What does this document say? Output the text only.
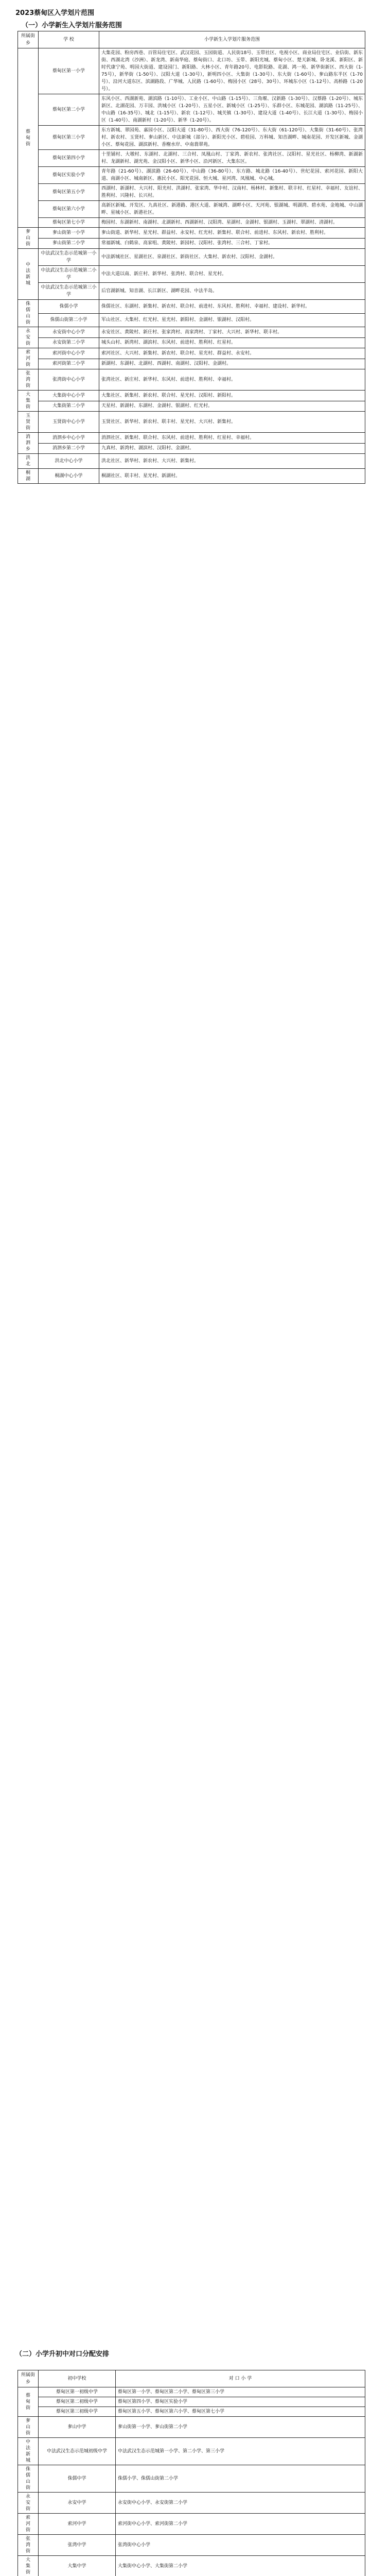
2023蔡甸区入学划片范围
（一）小学新生入学划片服务范围
所属街乡	学 校	小学新生入学划片服务范围

蔡甸街	蔡甸区第一小学	大集花园、粉房西巷、百管局住宅区、武汉花园、玉园街道、人民街18号、玉带社区、电视小区、商业局住宅区、业信街、新东街、西湖北湾（沙洲）、新龙湾、新南华庭、蔡甸街口、北口坊、玉带、新阳光城、蔡甸小区、楚天新城、卧龙溪、新阳区、新时代康宁苑、明园大街道、建设园门、新阳路、大林小区、青年路20号、电影院路、花湖、鸿一苑、新华街新区、西大街（1-75号），新华街（1-50号）、汉阳大道（1-30号），新明四小区、大集街（1-30号）、东大街（1-60号）、奓山路东半区（1-70号）、沿河大道东区、滨湖路段、广华城、人民路（1-60号）、梅园小区（28号、30号）、环城东小区（1-12号）、高桥路（1-20号）。
	蔡甸区第二小学	东风小区、西湖新苑、湖滨路（1-10号）、工业小区、中山路（1-15号）、三角堰、汉新路（1-30号）、汉蔡路（1-20号）、城东新区、北湖花园、万丰园、洪城小区（1-20号）、五星小区、新城小区（1-25号）、乐群小区、东城花园、湖滨路（11-25号）、中山路（16-35号）、城北（1-15号）、新农（1-12号）、城关镇（1-30号）、建设大道（1-40号）、长江大道（1-30号）、梅园小区（1-40号）、南湖新村（1-20号）、新华（1-20号）。
	蔡甸区第三小学	东方新城、翠园苑、嘉园小区、汉阳大道（31-80号）、西大街（76-120号）、东大街（61-120号）、大集街（31-60号）、张湾村、新农村、玉贤村、奓山新区、中法新城（部分）、新阳光小区、碧桂园、万科城、知音湖畔、城南花园、开发区新城、金湖小区、蔡甸花园、湖滨新村、香榭水岸、中南翡翠苑。
	蔡甸区第四小学	十里铺村、大墩村、东湖村、北湖村、三合村、凤凰山村、丁家湾、新农村、张湾社区、汉阳村、星光社区、杨柳湾、新湖新村、龙湖新村、湖光苑、金汉阳小区、新华小区、沿河新区、大集东区。
	蔡甸区实验小学	青年路（21-60号）、湖滨路（26-60号）、中山路（36-80号）、东方路、城北路（16-40号）、世纪花园、索河花园、新阳大道、南湖小区、城南新区、惠民小区、阳光花园、恒大城、星河湾、凤凰城、中心城。
	蔡甸区第五小学	西湖村、新湖村、大兴村、阳光村、洪湖村、张家湾、华中村、汉南村、杨林村、新集村、联丰村、红星村、幸福村、友谊村、胜利村、兴隆村、长兴村。
	蔡甸区第六小学	高新区新城、开发区、九真社区、新港路、港区大道、新城湾、湖畔小区、天河苑、银湖城、明湖湾、碧水苑、金地城、中山湖畔、星城小区、新港社区。
	蔡甸区第七小学	梅园村、东湖新村、南湖村、北湖新村、西湖新村、汉阳湾、星湖村、金湖村、银湖村、玉湖村、翠湖村、清湖村。

奓山街	奓山街第一小学	奓山街道、新华村、星光村、群益村、永安村、红光村、新集村、联合村、前进村、东风村、新农村、胜利村。
	奓山街第二小学	常福新城、白鹤泉、高家咀、黄陵村、新园村、汉阳村、张湾村、三合村、丁家村。

中法新城	中法武汉生态示范城第一小学	中法新城社区、星湖社区、泉湖社区、新街社区、大集村、新农村、汉阳村、金湖村。
	中法武汉生态示范城第二小学	中法大道以南、新庄村、新华村、张湾村、联合村、星光村。
	中法武汉生态示范城第三小学	后官湖新城、知音湖、长江新区、湖畔花园、中法半岛。

侏儒山街	侏儒小学	侏儒社区、东湖村、新集村、新农村、联合村、前进村、东风村、胜利村、幸福村、建设村、新华村。
	侏儒山街第二小学	军山社区、大集村、红光村、星光村、新阳村、金湖村、银湖村、汉阳村。

永安街	永安街中心小学	永安社区、黄陵村、新庄村、张家湾村、高家湾村、丁家村、大兴村、新华村、联丰村。
	永安街第二小学	城头山村、新湾村、湖滨村、东风村、前进村、胜利村、红星村。

索河街	索河街中心小学	索河社区、大兴村、新集村、新农村、联合村、星光村、群益村、永安村。
	索河街第二小学	新湖村、东湖村、北湖村、西湖村、南湖村、汉阳村、金湖村。

张湾街	张湾街中心小学	张湾社区、新庄村、新华村、东风村、前进村、胜利村、幸福村。

大集街	大集街中心小学	大集社区、新集村、新农村、联合村、星光村、汉阳村、新阳村。
	大集街第二小学	天星村、新湖村、东湖村、金湖村、银湖村、红光村。

玉贤街	玉贤街中心小学	玉贤社区、新华村、新农村、联丰村、星光村、大兴村、新集村。

消泗乡	消泗乡中心小学	消泗社区、新集村、联合村、东风村、前进村、胜利村、红星村、幸福村。
	消泗乡第二小学	九真村、新湾村、湖滨村、汉阳村、金湖村。

洪北	洪北中心小学	洪北社区、新华村、新农村、大兴村、新集村。

桐湖	桐湖中心小学	桐湖社区、联丰村、星光村、新湖村。
（二）小学升初中对口分配安排
所属街乡	初中学校	对 口 小 学

蔡甸街	蔡甸区第一初级中学	蔡甸区第一小学、蔡甸区第二小学、蔡甸区第三小学
	蔡甸区第二初级中学	蔡甸区第四小学、蔡甸区实验小学
	蔡甸区第三初级中学	蔡甸区第五小学、蔡甸区第六小学、蔡甸区第七小学

奓山街	奓山中学	奓山街第一小学、奓山街第二小学

中法新城	中法武汉生态示范城初级中学	中法武汉生态示范城第一小学、第二小学、第三小学

侏儒山街	侏儒中学	侏儒小学、侏儒山街第二小学

永安街	永安中学	永安街中心小学、永安街第二小学

索河街	索河中学	索河街中心小学、索河街第二小学

张湾街	张湾中学	张湾街中心小学

大集街	大集中学	大集街中心小学、大集街第二小学
